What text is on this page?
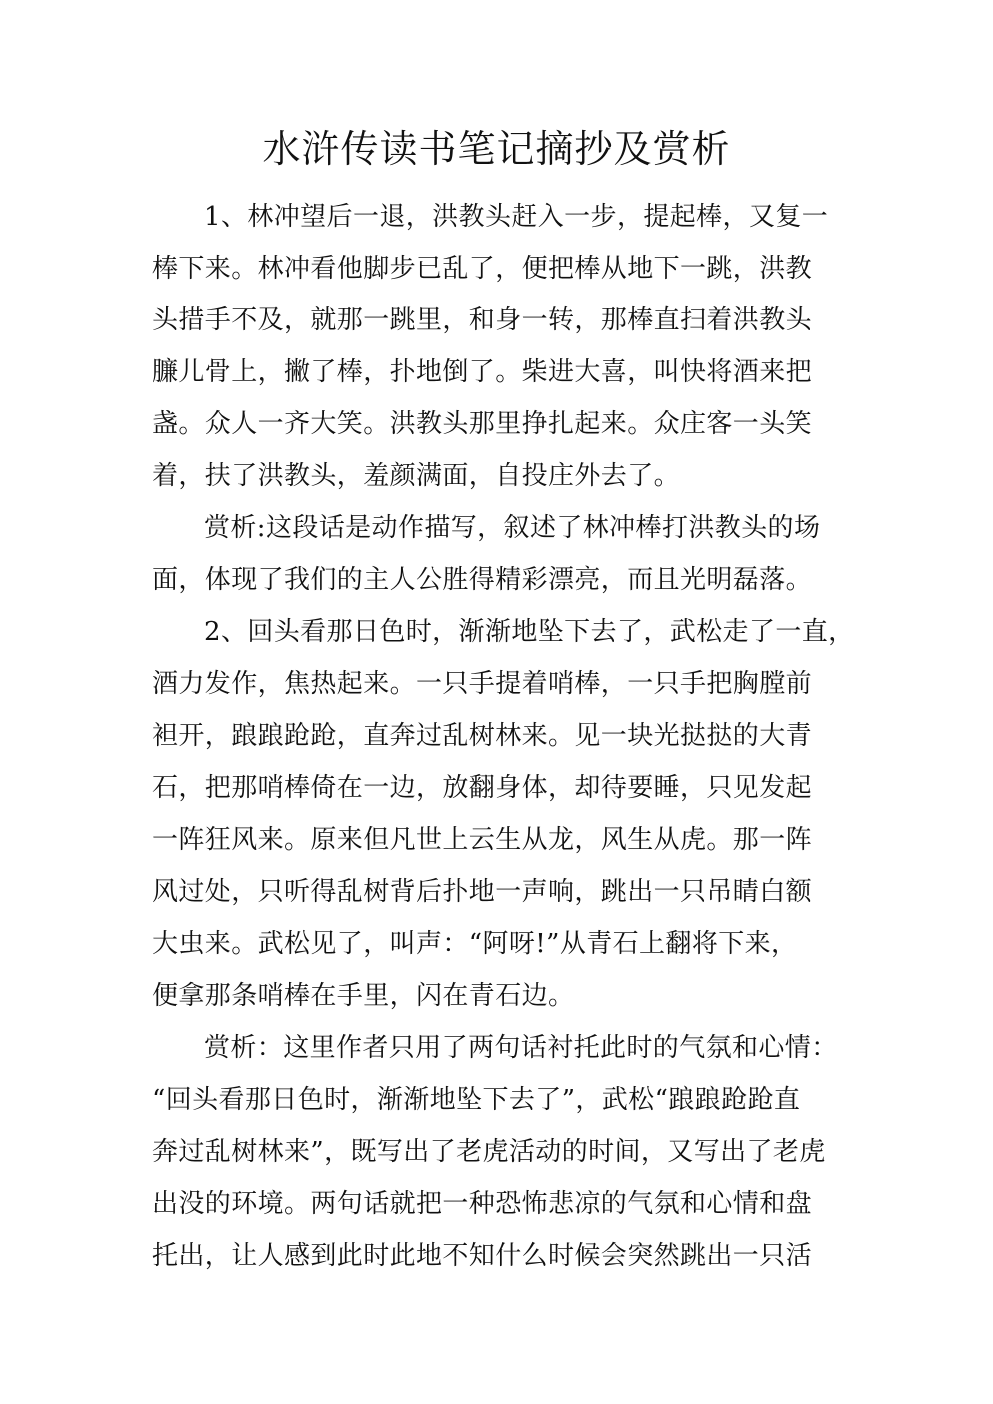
水浒传读书笔记摘抄及赏析

1、林冲望后一退，洪教头赶入一步，提起棒，又复一

棒下来。林冲看他脚步已乱了，便把棒从地下一跳，洪教

头措手不及，就那一跳里，和身一转，那棒直扫着洪教头

臁儿骨上，撇了棒，扑地倒了。柴进大喜，叫快将酒来把

盏。众人一齐大笑。洪教头那里挣扎起来。众庄客一头笑

着，扶了洪教头，羞颜满面，自投庄外去了。

赏析:这段话是动作描写，叙述了林冲棒打洪教头的场

面，体现了我们的主人公胜得精彩漂亮，而且光明磊落。

2、回头看那日色时，渐渐地坠下去了，武松走了一直，

酒力发作，焦热起来。一只手提着哨棒，一只手把胸膛前

袒开，踉踉跄跄，直奔过乱树林来。见一块光挞挞的大青

石，把那哨棒倚在一边，放翻身体，却待要睡，只见发起

一阵狂风来。原来但凡世上云生从龙，风生从虎。那一阵

风过处，只听得乱树背后扑地一声响，跳出一只吊睛白额

大虫来。武松见了，叫声：“阿呀!”从青石上翻将下来，

便拿那条哨棒在手里，闪在青石边。

赏析：这里作者只用了两句话衬托此时的气氛和心情：

“回头看那日色时，渐渐地坠下去了”，武松“踉踉跄跄直

奔过乱树林来”，既写出了老虎活动的时间，又写出了老虎

出没的环境。两句话就把一种恐怖悲凉的气氛和心情和盘

托出，让人感到此时此地不知什么时候会突然跳出一只活
